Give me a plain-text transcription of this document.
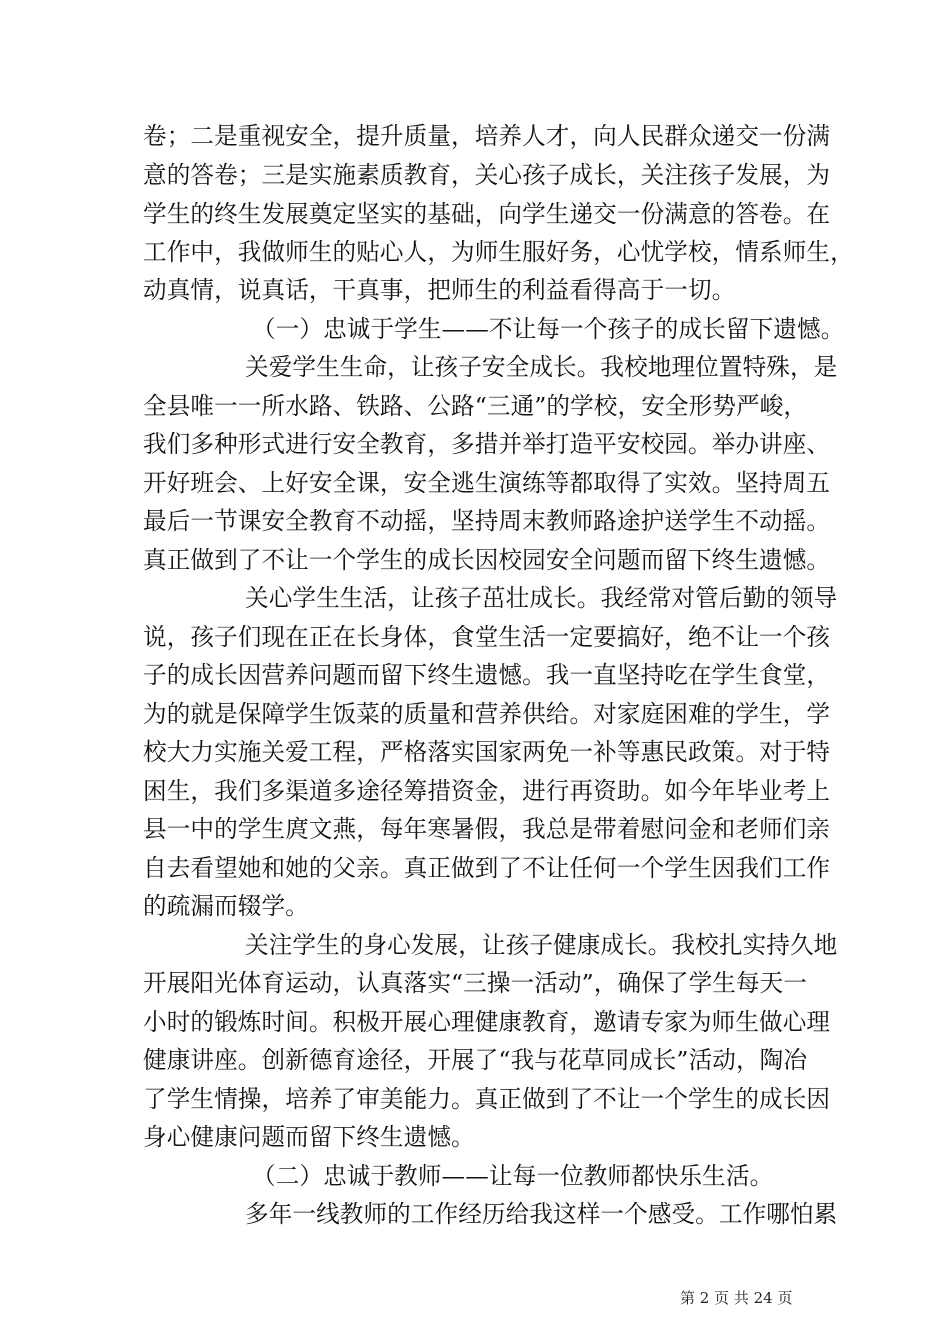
卷；二是重视安全，提升质量，培养人才，向人民群众递交一份满
意的答卷；三是实施素质教育，关心孩子成长，关注孩子发展，为
学生的终生发展奠定坚实的基础，向学生递交一份满意的答卷。在
工作中，我做师生的贴心人，为师生服好务，心忧学校，情系师生，
动真情，说真话，干真事，把师生的利益看得高于一切。
（一）忠诚于学生——不让每一个孩子的成长留下遗憾。
关爱学生生命，让孩子安全成长。我校地理位置特殊，是
全县唯一一所水路、铁路、公路“三通”的学校，安全形势严峻，
我们多种形式进行安全教育，多措并举打造平安校园。举办讲座、
开好班会、上好安全课，安全逃生演练等都取得了实效。坚持周五
最后一节课安全教育不动摇，坚持周末教师路途护送学生不动摇。
真正做到了不让一个学生的成长因校园安全问题而留下终生遗憾。
关心学生生活，让孩子茁壮成长。我经常对管后勤的领导
说，孩子们现在正在长身体，食堂生活一定要搞好，绝不让一个孩
子的成长因营养问题而留下终生遗憾。我一直坚持吃在学生食堂，
为的就是保障学生饭菜的质量和营养供给。对家庭困难的学生，学
校大力实施关爱工程，严格落实国家两免一补等惠民政策。对于特
困生，我们多渠道多途径筹措资金，进行再资助。如今年毕业考上
县一中的学生庹文燕，每年寒暑假，我总是带着慰问金和老师们亲
自去看望她和她的父亲。真正做到了不让任何一个学生因我们工作
的疏漏而辍学。
关注学生的身心发展，让孩子健康成长。我校扎实持久地
开展阳光体育运动，认真落实“三操一活动”，确保了学生每天一
小时的锻炼时间。积极开展心理健康教育，邀请专家为师生做心理
健康讲座。创新德育途径，开展了“我与花草同成长”活动，陶冶
了学生情操，培养了审美能力。真正做到了不让一个学生的成长因
身心健康问题而留下终生遗憾。
（二）忠诚于教师——让每一位教师都快乐生活。
多年一线教师的工作经历给我这样一个感受。工作哪怕累
第 2 页 共 24 页
